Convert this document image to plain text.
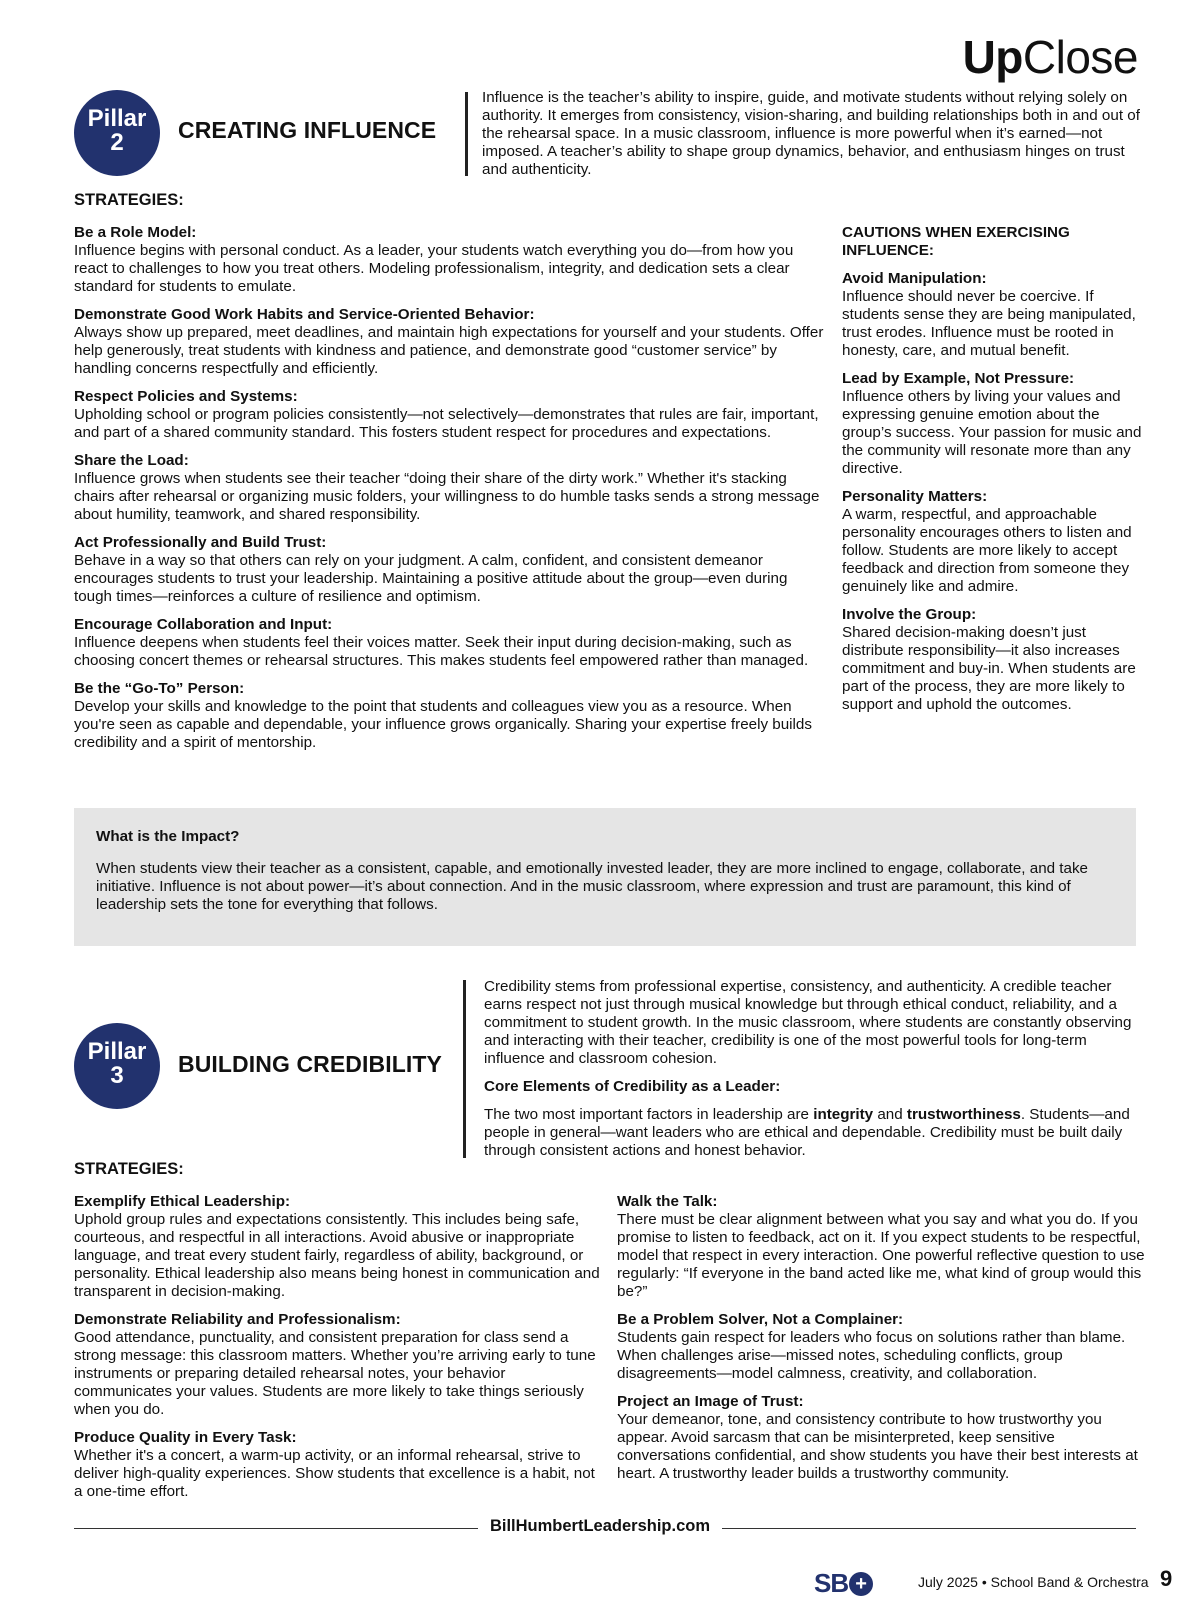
UpClose
Pillar
2	CREATING INFLUENCE

Influence is the teacher’s ability to inspire, guide, and motivate students without relying solely on authority. It emerges from consistency, vision-sharing, and building relationships both in and out of the rehearsal space. In a music classroom, influence is more powerful when it’s earned—not imposed. A teacher’s ability to shape group dynamics, behavior, and enthusiasm hinges on trust and authenticity.

STRATEGIES:
Be a Role Model:

Influence begins with personal conduct. As a leader, your students watch everything you do—from how you react to challenges to how you treat others. Modeling professionalism, integrity, and dedication sets a clear standard for students to emulate.

Demonstrate Good Work Habits and Service-Oriented Behavior:

Always show up prepared, meet deadlines, and maintain high expectations for yourself and your students. Offer help generously, treat students with kindness and patience, and demonstrate good “customer service” by handling concerns respectfully and efficiently.

Respect Policies and Systems:

Upholding school or program policies consistently—not selectively—demonstrates that rules are fair, important, and part of a shared community standard. This fosters student respect for procedures and expectations.

Share the Load:

Influence grows when students see their teacher “doing their share of the dirty work.” Whether it's stacking chairs after rehearsal or organizing music folders, your willingness to do humble tasks sends a strong message about humility, teamwork, and shared responsibility.

Act Professionally and Build Trust:

Behave in a way so that others can rely on your judgment. A calm, confident, and consistent demeanor encourages students to trust your leadership. Maintaining a positive attitude about the group—even during tough times—reinforces a culture of resilience and optimism.

Encourage Collaboration and Input:

Influence deepens when students feel their voices matter. Seek their input during decision-making, such as choosing concert themes or rehearsal structures. This makes students feel empowered rather than managed.

Be the “Go-To” Person:

Develop your skills and knowledge to the point that students and colleagues view you as a resource. When you're seen as capable and dependable, your influence grows organically. Sharing your expertise freely builds credibility and a spirit of mentorship.

CAUTIONS WHEN EXERCISING INFLUENCE:
Avoid Manipulation:

Influence should never be coercive. If students sense they are being manipulated, trust erodes. Influence must be rooted in honesty, care, and mutual benefit.

Lead by Example, Not Pressure:

Influence others by living your values and expressing genuine emotion about the group’s success. Your passion for music and the community will resonate more than any directive.

Personality Matters:

A warm, respectful, and approachable personality encourages others to listen and follow. Students are more likely to accept feedback and direction from someone they genuinely like and admire.

Involve the Group:

Shared decision-making doesn’t just distribute responsibility—it also increases commitment and buy-in. When students are part of the process, they are more likely to support and uphold the outcomes.

What is the Impact?

When students view their teacher as a consistent, capable, and emotionally invested leader, they are more inclined to engage, collaborate, and take initiative. Influence is not about power—it’s about connection. And in the music classroom, where expression and trust are paramount, this kind of leadership sets the tone for everything that follows.

Pillar
3	BUILDING CREDIBILITY

Credibility stems from professional expertise, consistency, and authenticity. A credible teacher earns respect not just through musical knowledge but through ethical conduct, reliability, and a commitment to student growth. In the music classroom, where students are constantly observing and interacting with their teacher, credibility is one of the most powerful tools for long-term influence and classroom cohesion.

Core Elements of Credibility as a Leader:

The two most important factors in leadership are integrity and trustworthiness. Students—and people in general—want leaders who are ethical and dependable. Credibility must be built daily through consistent actions and honest behavior.

STRATEGIES:
Exemplify Ethical Leadership:

Uphold group rules and expectations consistently. This includes being safe, courteous, and respectful in all interactions. Avoid abusive or inappropriate language, and treat every student fairly, regardless of ability, background, or personality. Ethical leadership also means being honest in communication and transparent in decision-making.

Demonstrate Reliability and Professionalism:

Good attendance, punctuality, and consistent preparation for class send a strong message: this classroom matters. Whether you’re arriving early to tune instruments or preparing detailed rehearsal notes, your behavior communicates your values. Students are more likely to take things seriously when you do.

Produce Quality in Every Task:

Whether it's a concert, a warm-up activity, or an informal rehearsal, strive to deliver high-quality experiences. Show students that excellence is a habit, not a one-time effort.

Walk the Talk:

There must be clear alignment between what you say and what you do. If you promise to listen to feedback, act on it. If you expect students to be respectful, model that respect in every interaction. One powerful reflective question to use regularly: “If everyone in the band acted like me, what kind of group would this be?”

Be a Problem Solver, Not a Complainer:

Students gain respect for leaders who focus on solutions rather than blame. When challenges arise—missed notes, scheduling conflicts, group disagreements—model calmness, creativity, and collaboration.

Project an Image of Trust:

Your demeanor, tone, and consistency contribute to how trustworthy you appear. Avoid sarcasm that can be misinterpreted, keep sensitive conversations confidential, and show students you have their best interests at heart. A trustworthy leader builds a trustworthy community.

BillHumbertLeadership.com
SB +	July 2025 • School Band & Orchestra 9
